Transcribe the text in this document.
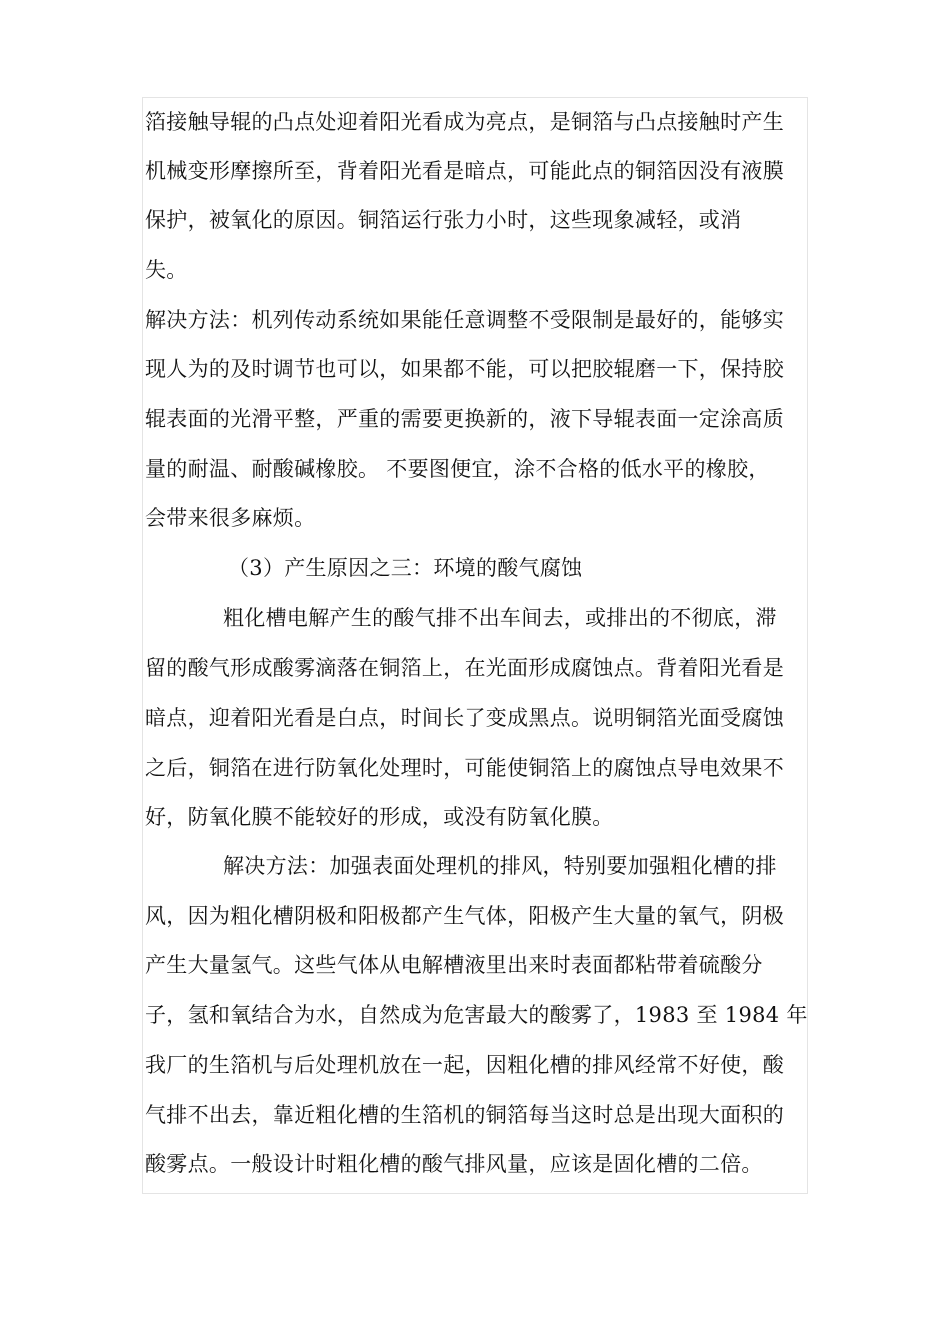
箔接触导辊的凸点处迎着阳光看成为亮点，是铜箔与凸点接触时产生
机械变形摩擦所至，背着阳光看是暗点，可能此点的铜箔因没有液膜
保护，被氧化的原因。铜箔运行张力小时，这些现象减轻，或消
失。
解决方法：机列传动系统如果能任意调整不受限制是最好的，能够实
现人为的及时调节也可以，如果都不能，可以把胶辊磨一下，保持胶
辊表面的光滑平整，严重的需要更换新的，液下导辊表面一定涂高质
量的耐温、耐酸碱橡胶。 不要图便宜，涂不合格的低水平的橡胶，
会带来很多麻烦。
（3）产生原因之三：环境的酸气腐蚀
粗化槽电解产生的酸气排不出车间去，或排出的不彻底，滞
留的酸气形成酸雾滴落在铜箔上，在光面形成腐蚀点。背着阳光看是
暗点，迎着阳光看是白点，时间长了变成黑点。说明铜箔光面受腐蚀
之后，铜箔在进行防氧化处理时，可能使铜箔上的腐蚀点导电效果不
好，防氧化膜不能较好的形成，或没有防氧化膜。
解决方法：加强表面处理机的排风，特别要加强粗化槽的排
风，因为粗化槽阴极和阳极都产生气体，阳极产生大量的氧气，阴极
产生大量氢气。这些气体从电解槽液里出来时表面都粘带着硫酸分
子，氢和氧结合为水，自然成为危害最大的酸雾了，1983 至 1984 年
我厂的生箔机与后处理机放在一起，因粗化槽的排风经常不好使，酸
气排不出去，靠近粗化槽的生箔机的铜箔每当这时总是出现大面积的
酸雾点。一般设计时粗化槽的酸气排风量，应该是固化槽的二倍。
